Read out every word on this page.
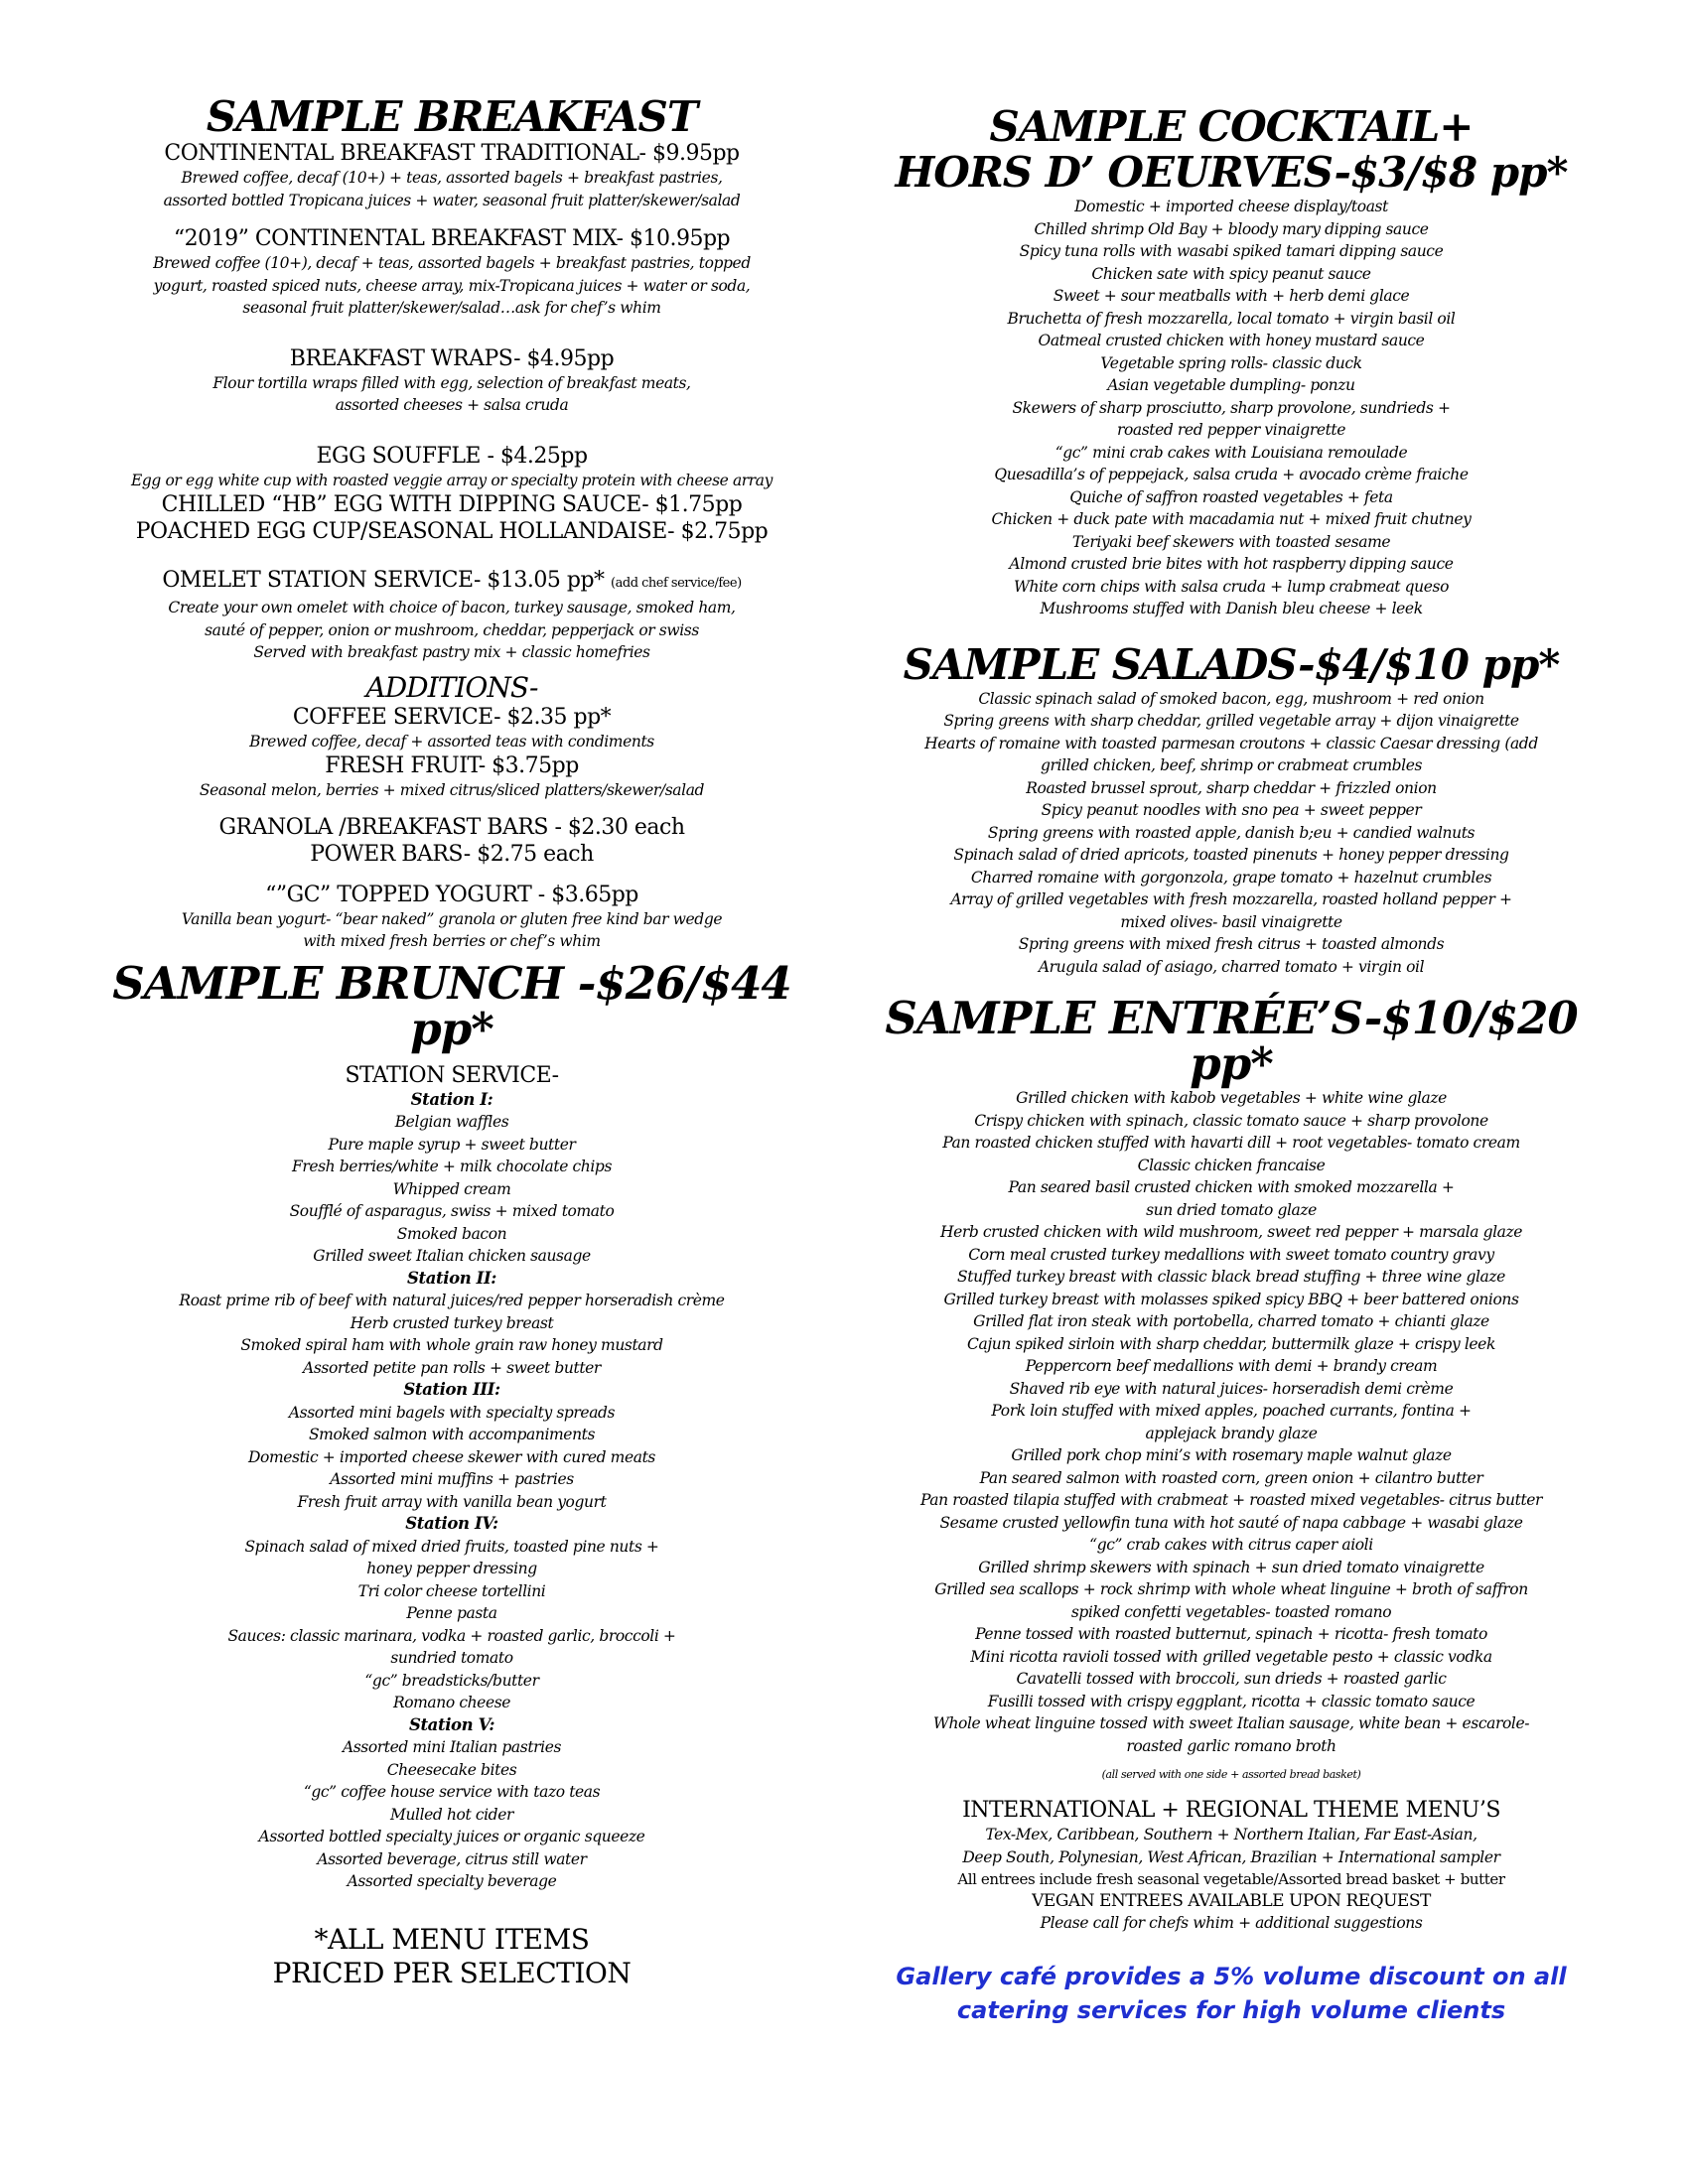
SAMPLE BREAKFAST
CONTINENTAL BREAKFAST TRADITIONAL- $9.95pp
Brewed coffee, decaf (10+) + teas, assorted bagels + breakfast pastries,
assorted bottled Tropicana juices + water, seasonal fruit platter/skewer/salad
“2019” CONTINENTAL BREAKFAST MIX- $10.95pp
Brewed coffee (10+), decaf + teas, assorted bagels + breakfast pastries, topped
yogurt, roasted spiced nuts, cheese array, mix-Tropicana juices + water or soda,
seasonal fruit platter/skewer/salad…ask for chef’s whim
BREAKFAST WRAPS- $4.95pp
Flour tortilla wraps filled with egg, selection of breakfast meats,
assorted cheeses + salsa cruda
EGG SOUFFLE - $4.25pp
Egg or egg white cup with roasted veggie array or specialty protein with cheese array
CHILLED “HB” EGG WITH DIPPING SAUCE- $1.75pp
POACHED EGG CUP/SEASONAL HOLLANDAISE- $2.75pp
OMELET STATION SERVICE- $13.05 pp* (add chef service/fee)
Create your own omelet with choice of bacon, turkey sausage, smoked ham,
sauté of pepper, onion or mushroom, cheddar, pepperjack or swiss
Served with breakfast pastry mix + classic homefries
ADDITIONS-
COFFEE SERVICE- $2.35 pp*
Brewed coffee, decaf + assorted teas with condiments
FRESH FRUIT- $3.75pp
Seasonal melon, berries + mixed citrus/sliced platters/skewer/salad
GRANOLA /BREAKFAST BARS - $2.30 each
POWER BARS- $2.75 each
“”GC” TOPPED YOGURT - $3.65pp
Vanilla bean yogurt- “bear naked” granola or gluten free kind bar wedge
with mixed fresh berries or chef’s whim
SAMPLE BRUNCH -$26/$44 pp*
STATION SERVICE-
Station I:
Belgian waffles
Pure maple syrup + sweet butter
Fresh berries/white + milk chocolate chips
Whipped cream
Soufflé of asparagus, swiss + mixed tomato
Smoked bacon
Grilled sweet Italian chicken sausage
Station II:
Roast prime rib of beef with natural juices/red pepper horseradish crème
Herb crusted turkey breast
Smoked spiral ham with whole grain raw honey mustard
Assorted petite pan rolls + sweet butter
Station III:
Assorted mini bagels with specialty spreads
Smoked salmon with accompaniments
Domestic + imported cheese skewer with cured meats
Assorted mini muffins + pastries
Fresh fruit array with vanilla bean yogurt
Station IV:
Spinach salad of mixed dried fruits, toasted pine nuts +
honey pepper dressing
Tri color cheese tortellini
Penne pasta
Sauces: classic marinara, vodka + roasted garlic, broccoli +
sundried tomato
“gc” breadsticks/butter
Romano cheese
Station V:
Assorted mini Italian pastries
Cheesecake bites
“gc” coffee house service with tazo teas
Mulled hot cider
Assorted bottled specialty juices or organic squeeze
Assorted beverage, citrus still water
Assorted specialty beverage
*ALL MENU ITEMS
PRICED PER SELECTION
SAMPLE COCKTAIL+
HORS D’ OEURVES-$3/$8 pp*
Domestic + imported cheese display/toast
Chilled shrimp Old Bay + bloody mary dipping sauce
Spicy tuna rolls with wasabi spiked tamari dipping sauce
Chicken sate with spicy peanut sauce
Sweet + sour meatballs with + herb demi glace
Bruchetta of fresh mozzarella, local tomato + virgin basil oil
Oatmeal crusted chicken with honey mustard sauce
Vegetable spring rolls- classic duck
Asian vegetable dumpling- ponzu
Skewers of sharp prosciutto, sharp provolone, sundrieds +
roasted red pepper vinaigrette
“gc” mini crab cakes with Louisiana remoulade
Quesadilla’s of peppejack, salsa cruda + avocado crème fraiche
Quiche of saffron roasted vegetables + feta
Chicken + duck pate with macadamia nut + mixed fruit chutney
Teriyaki beef skewers with toasted sesame
Almond crusted brie bites with hot raspberry dipping sauce
White corn chips with salsa cruda + lump crabmeat queso
Mushrooms stuffed with Danish bleu cheese + leek
SAMPLE SALADS-$4/$10 pp*
Classic spinach salad of smoked bacon, egg, mushroom + red onion
Spring greens with sharp cheddar, grilled vegetable array + dijon vinaigrette
Hearts of romaine with toasted parmesan croutons + classic Caesar dressing (add
grilled chicken, beef, shrimp or crabmeat crumbles
Roasted brussel sprout, sharp cheddar + frizzled onion
Spicy peanut noodles with sno pea + sweet pepper
Spring greens with roasted apple, danish b;eu + candied walnuts
Spinach salad of dried apricots, toasted pinenuts + honey pepper dressing
Charred romaine with gorgonzola, grape tomato + hazelnut crumbles
Array of grilled vegetables with fresh mozzarella, roasted holland pepper +
mixed olives- basil vinaigrette
Spring greens with mixed fresh citrus + toasted almonds
Arugula salad of asiago, charred tomato + virgin oil
SAMPLE ENTRÉE’S-$10/$20 pp*
Grilled chicken with kabob vegetables + white wine glaze
Crispy chicken with spinach, classic tomato sauce + sharp provolone
Pan roasted chicken stuffed with havarti dill + root vegetables- tomato cream
Classic chicken francaise
Pan seared basil crusted chicken with smoked mozzarella +
sun dried tomato glaze
Herb crusted chicken with wild mushroom, sweet red pepper + marsala glaze
Corn meal crusted turkey medallions with sweet tomato country gravy
Stuffed turkey breast with classic black bread stuffing + three wine glaze
Grilled turkey breast with molasses spiked spicy BBQ + beer battered onions
Grilled flat iron steak with portobella, charred tomato + chianti glaze
Cajun spiked sirloin with sharp cheddar, buttermilk glaze + crispy leek
Peppercorn beef medallions with demi + brandy cream
Shaved rib eye with natural juices- horseradish demi crème
Pork loin stuffed with mixed apples, poached currants, fontina +
applejack brandy glaze
Grilled pork chop mini’s with rosemary maple walnut glaze
Pan seared salmon with roasted corn, green onion + cilantro butter
Pan roasted tilapia stuffed with crabmeat + roasted mixed vegetables- citrus butter
Sesame crusted yellowfin tuna with hot sauté of napa cabbage + wasabi glaze
“gc” crab cakes with citrus caper aioli
Grilled shrimp skewers with spinach + sun dried tomato vinaigrette
Grilled sea scallops + rock shrimp with whole wheat linguine + broth of saffron
spiked confetti vegetables- toasted romano
Penne tossed with roasted butternut, spinach + ricotta- fresh tomato
Mini ricotta ravioli tossed with grilled vegetable pesto + classic vodka
Cavatelli tossed with broccoli, sun drieds + roasted garlic
Fusilli tossed with crispy eggplant, ricotta + classic tomato sauce
Whole wheat linguine tossed with sweet Italian sausage, white bean + escarole-
roasted garlic romano broth
(all served with one side + assorted bread basket)
INTERNATIONAL + REGIONAL THEME MENU’S
Tex-Mex, Caribbean, Southern + Northern Italian, Far East-Asian,
Deep South, Polynesian, West African, Brazilian + International sampler
All entrees include fresh seasonal vegetable/Assorted bread basket + butter
VEGAN ENTREES AVAILABLE UPON REQUEST
Please call for chefs whim + additional suggestions
Gallery café provides a 5% volume discount on all
catering services for high volume clients
